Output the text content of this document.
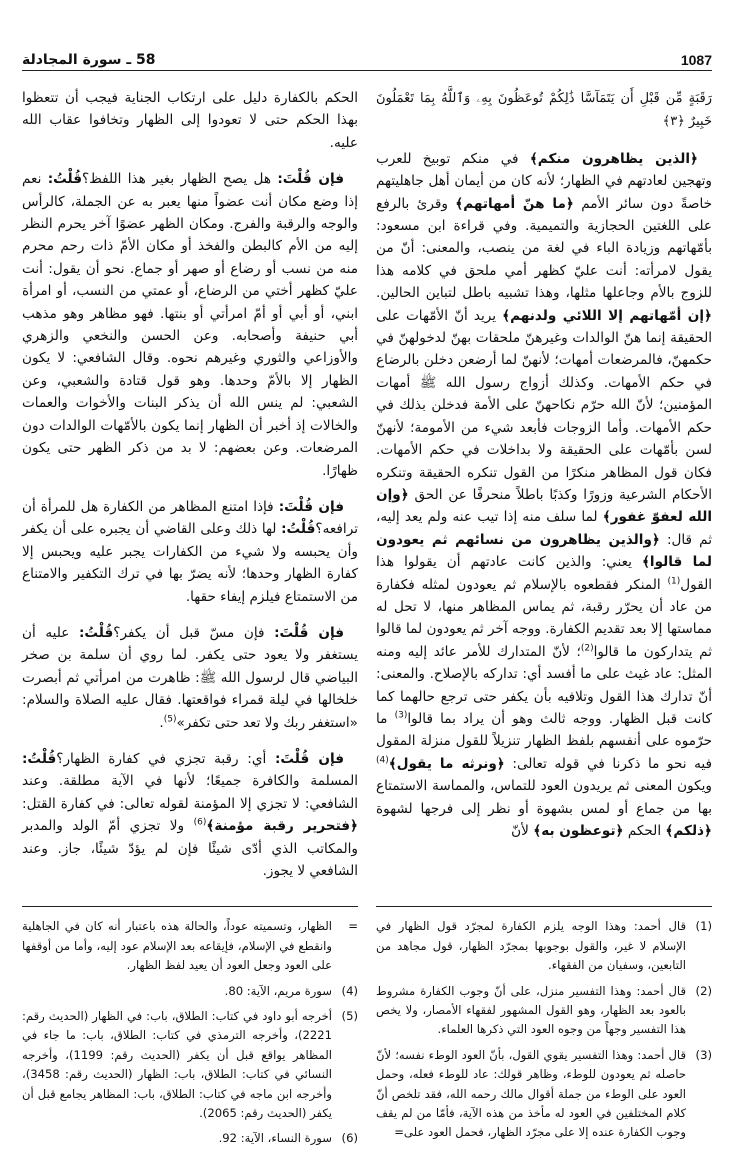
1087
58 ـ سورة المجادلة

رَقَبَةٍ مِّن قَبْلِ أَن يَتَمَآسَّا ذَٰلِكُمْ تُوعَظُونَ بِهِۦ وَٱللَّهُ بِمَا تَعْمَلُونَ خَبِيرٌ ﴿٣﴾

﴿الذين يظاهرون منكم﴾ في منكم توبيخ للعرب وتهجين لعادتهم في الظهار؛ لأنه كان من أيمان أهل جاهليتهم خاصةً دون سائر الأمم ﴿ما هنّ أمهاتهم﴾ وقرئ بالرفع على اللغتين الحجازية والتميمية. وفي قراءة ابن مسعود: بأمّهاتهم وزيادة الباء في لغة من ينصب، والمعنى: أنّ من يقول لامرأته: أنت عليّ كظهر أمي ملحق في كلامه هذا للزوج بالأم وجاعلها مثلها، وهذا تشبيه باطل لتباين الحالين. ﴿إن أمّهاتهم إلا اللائي ولدنهم﴾ يريد أنّ الأمّهات على الحقيقة إنما هنّ الوالدات وغيرهنّ ملحقات بهنّ لدخولهنّ في حكمهنّ، فالمرضعات أمهات؛ لأنهنّ لما أرضعن دخلن بالرضاع في حكم الأمهات. وكذلك أزواج رسول الله ﷺ أمهات المؤمنين؛ لأنّ الله حرّم نكاحهنّ على الأمة فدخلن بذلك في حكم الأمهات. وأما الزوجات فأبعد شيء من الأمومة؛ لأنهنّ لسن بأمّهات على الحقيقة ولا بداخلات في حكم الأمهات. فكان قول المظاهر منكرًا من القول تنكره الحقيقة وتنكره الأحكام الشرعية وزورًا وكذبًا باطلاً منحرفًا عن الحق ﴿وإن الله لعفوّ غفور﴾ لما سلف منه إذا تيب عنه ولم يعد إليه، ثم قال: ﴿والذين يظاهرون من نسائهم ثم يعودون لما قالوا﴾ يعني: والذين كانت عادتهم أن يقولوا هذا القول$^{(1)}$ المنكر فقطعوه بالإسلام ثم يعودون لمثله فكفارة من عاد أن يحرّر رقبة، ثم يماس المظاهر منها، لا تحل له مماستها إلا بعد تقديم الكفارة. ووجه آخر ثم يعودون لما قالوا ثم يتداركون ما قالوا$^{(2)}$؛ لأنّ المتدارك للأمر عائد إليه ومنه المثل: عاد غيث على ما أفسد أي: تداركه بالإصلاح. والمعنى: أنّ تدارك هذا القول وتلافيه بأن يكفر حتى ترجع حالهما كما كانت قبل الظهار. ووجه ثالث وهو أن يراد بما قالوا$^{(3)}$ ما حرّموه على أنفسهم بلفظ الظهار تنزيلاً للقول منزلة المقول فيه نحو ما ذكرنا في قوله تعالى: ﴿ونرثه ما يقول﴾$^{(4)}$ ويكون المعنى ثم يريدون العود للتماس، والمماسة الاستمتاع بها من جماع أو لمس بشهوة أو نظر إلى فرجها لشهوة ﴿ذلكم﴾ الحكم ﴿توعظون به﴾ لأنّ

الحكم بالكفارة دليل على ارتكاب الجناية فيجب أن تتعظوا بهذا الحكم حتى لا تعودوا إلى الظهار وتخافوا عقاب الله عليه.

فإن قُلْتَ: هل يصح الظهار بغير هذا اللفظ؟قُلْتُ: نعم إذا وضع مكان أنت عضواً منها يعبر به عن الجملة، كالرأس والوجه والرقبة والفرج. ومكان الظهر عضوًا آخر يحرم النظر إليه من الأم كالبطن والفخذ أو مكان الأمّ ذات رحم محرم منه من نسب أو رضاع أو صهر أو جماع. نحو أن يقول: أنت عليّ كظهر أختي من الرضاع، أو عمتي من النسب، أو امرأة ابني، أو أبي أو أمّ امرأتي أو بنتها. فهو مظاهر وهو مذهب أبي حنيفة وأصحابه. وعن الحسن والنخعي والزهري والأوزاعي والثوري وغيرهم نحوه. وقال الشافعي: لا يكون الظهار إلا بالأمّ وحدها. وهو قول قتادة والشعبي، وعن الشعبي: لم ينس الله أن يذكر البنات والأخوات والعمات والخالات إذ أخبر أن الظهار إنما يكون بالأمّهات الوالدات دون المرضعات. وعن بعضهم: لا بد من ذكر الظهر حتى يكون ظهارًا.

فإن قُلْتَ: فإذا امتنع المظاهر من الكفارة هل للمرأة أن ترافعه؟قُلْتُ: لها ذلك وعلى القاضي أن يجبره على أن يكفر وأن يحبسه ولا شيء من الكفارات يجبر عليه ويحبس إلا كفارة الظهار وحدها؛ لأنه يضرّ بها في ترك التكفير والامتناع من الاستمتاع فيلزم إيفاء حقها.

فإن قُلْتَ: فإن مسّ قبل أن يكفر؟قُلْتُ: عليه أن يستغفر ولا يعود حتى يكفر. لما روي أن سلمة بن صخر البياضي قال لرسول الله ﷺ: ظاهرت من امرأتي ثم أبصرت خلخالها في ليلة قمراء فواقعتها. فقال عليه الصلاة والسلام: «استغفر ربك ولا تعد حتى تكفر»$^{(5)}$.

فإن قُلْتَ: أي: رقبة تجزي في كفارة الظهار؟قُلْتُ: المسلمة والكافرة جميعًا؛ لأنها في الآية مطلقة. وعند الشافعي: لا تجزي إلا المؤمنة لقوله تعالى: في كفارة القتل: ﴿فتحرير رقبة مؤمنة﴾$^{(6)}$ ولا تجزي أمّ الولد والمدبر والمكاتب الذي أدّى شيئًا فإن لم يؤدّ شيئًا، جاز. وعند الشافعي لا يجوز.

(1)
قال أحمد: وهذا الوجه يلزم الكفارة لمجرّد قول الظهار في الإسلام لا غير، والقول بوجوبها بمجرّد الظهار، قول مجاهد من التابعين، وسفيان من الفقهاء.
(2)
قال أحمد: وهذا التفسير منزل، على أنّ وجوب الكفارة مشروط بالعود بعد الظهار، وهو القول المشهور لفقهاء الأمصار، ولا يخص هذا التفسير وجهاً من وجوه العود التي ذكرها العلماء.
(3)
قال أحمد: وهذا التفسير يقوي القول، بأنّ العود الوطء نفسه؛ لأنّ حاصله ثم يعودون للوطء، وظاهر قولك: عاد للوطء فعله، وحمل العود على الوطء من جملة أقوال مالك رحمه الله، فقد تلخص أنّ كلام المختلفين في العود له مأخذ من هذه الآية، فأمّا من لم يقف وجوب الكفارة عنده إلا على مجرّد الظهار، فحمل العود على=
=
الظهار، وتسميته عوداً، والحالة هذه باعتبار أنه كان في الجاهلية وانقطع في الإسلام، فإيقاعه بعد الإسلام عود إليه، وأما من أوقفها على العود وجعل العود أن يعيد لفظ الظهار.
(4)
سورة مريم، الآية: 80.
(5)
أخرجه أبو داود في كتاب: الطلاق، باب: في الظهار (الحديث رقم: 2221)، وأخرجه الترمذي في كتاب: الطلاق، باب: ما جاء في المظاهر يواقع قبل أن يكفر (الحديث رقم: 1199)، وأخرجه النسائي في كتاب: الطلاق، باب: الظهار (الحديث رقم: 3458)، وأخرجه ابن ماجه في كتاب: الطلاق، باب: المظاهر يجامع قبل أن يكفر (الحديث رقم: 2065).
(6)
سورة النساء، الآية: 92.
